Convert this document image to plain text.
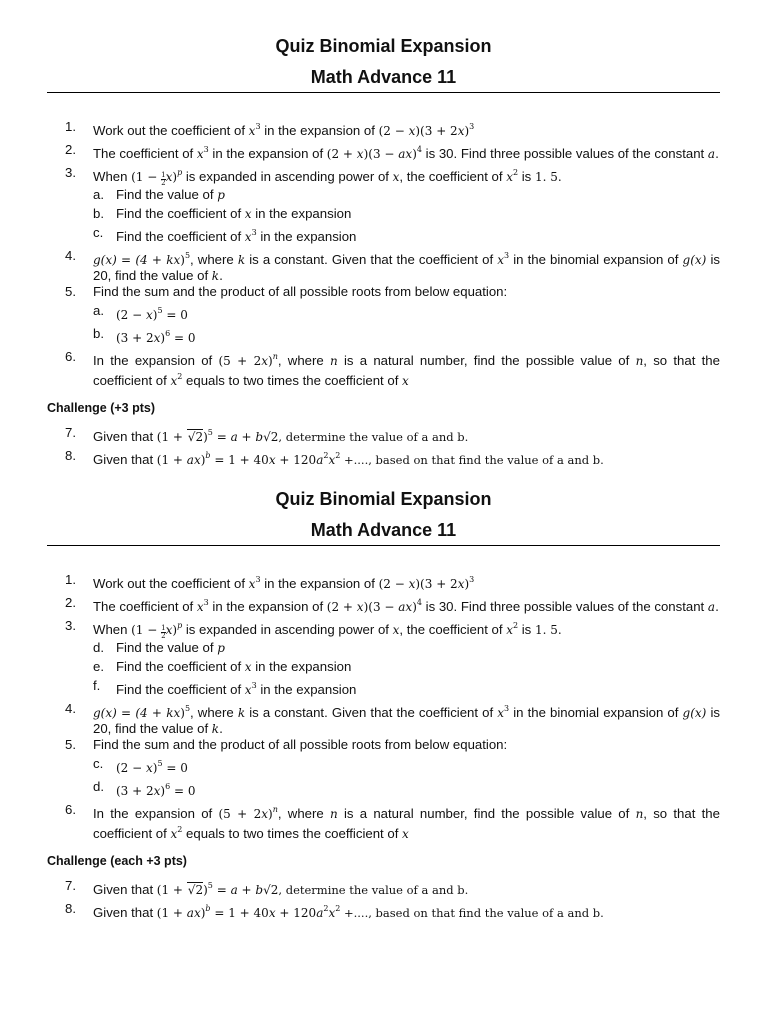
Quiz Binomial Expansion
Math Advance 11
1. Work out the coefficient of $x^3$ in the expansion of $(2 - x)(3 + 2x)^3$
2. The coefficient of $x^3$ in the expansion of (2 + x)(3 − ax)$^4$ is 30. Find three possible values of the constant a.
3. When $(1 - \frac{1}{2} x)^p$ is expanded in ascending power of x, the coefficient of $x^2$ is 1. 5.
a. Find the value of p
b. Find the coefficient of x in the expansion
c. Find the coefficient of $x^3$ in the expansion
4. g(x) = (4 + kx)$^5$, where k is a constant. Given that the coefficient of $x^3$ in the binomial expansion of g(x) is 20, find the value of k.
5. Find the sum and the product of all possible roots from below equation:
a. $(2 - x)^5 = 0$
b. $(3 + 2x)^6 = 0$
6. In the expansion of $(5 + 2x)^n$, where n is a natural number, find the possible value of n, so that the coefficient of $x^2$ equals to two times the coefficient of x
Challenge (+3 pts)
7. Given that $(1 + √2)^5 = a + b√2$, determine the value of a and b.
8. Given that $(1 + ax)^b = 1 + 40x + 120a^2x^2$ +...., based on that find the value of a and b.
Quiz Binomial Expansion
Math Advance 11
1. Work out the coefficient of $x^3$ in the expansion of $(2 - x)(3 + 2x)^3$
2. The coefficient of $x^3$ in the expansion of (2 + x)(3 − ax)$^4$ is 30. Find three possible values of the constant a.
3. When $(1 - \frac{1}{2} x)^p$ is expanded in ascending power of x, the coefficient of $x^2$ is 1. 5.
d. Find the value of p
e. Find the coefficient of x in the expansion
f. Find the coefficient of $x^3$ in the expansion
4. g(x) = (4 + kx)$^5$, where k is a constant. Given that the coefficient of $x^3$ in the binomial expansion of g(x) is 20, find the value of k.
5. Find the sum and the product of all possible roots from below equation:
c. $(2 - x)^5 = 0$
d. $(3 + 2x)^6 = 0$
6. In the expansion of $(5 + 2x)^n$, where n is a natural number, find the possible value of n, so that the coefficient of $x^2$ equals to two times the coefficient of x
Challenge (each +3 pts)
7. Given that $(1 + √2)^5 = a + b√2$, determine the value of a and b.
8. Given that $(1 + ax)^b = 1 + 40x + 120a^2x^2$ +...., based on that find the value of a and b.
